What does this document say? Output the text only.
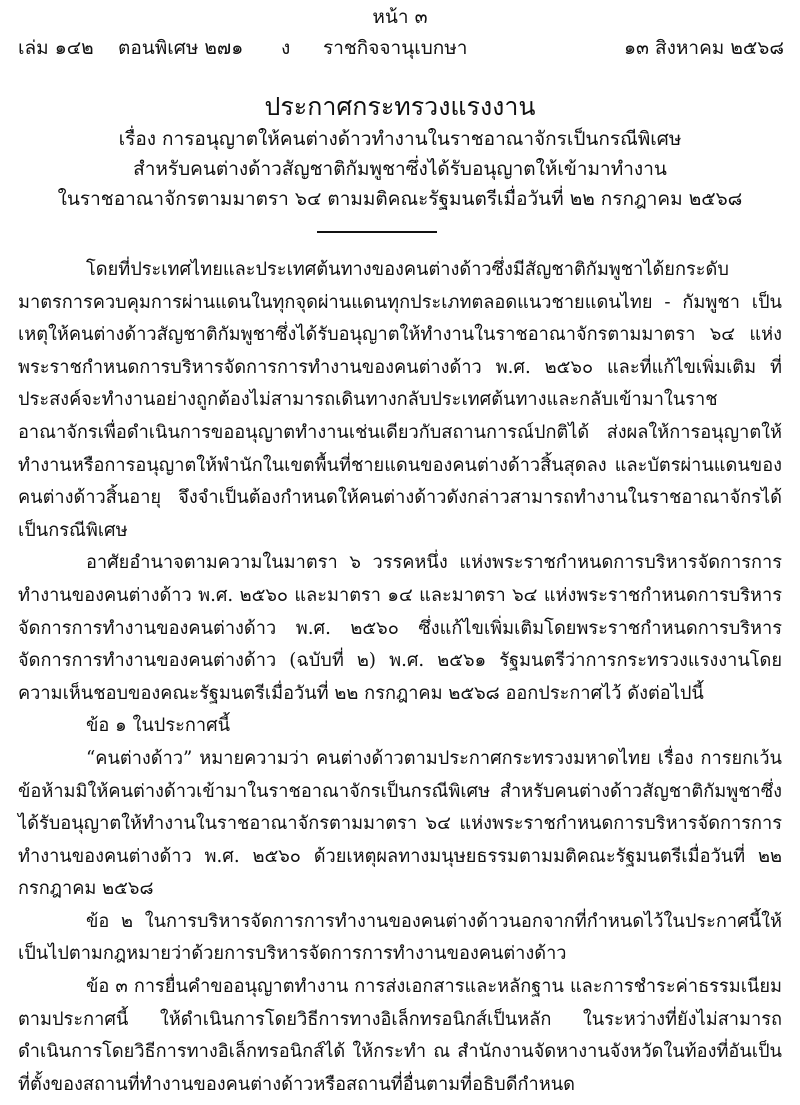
หน้า ๓
เล่ม ๑๔๒ ตอนพิเศษ ๒๗๑ ง ราชกิจจานุเบกษา	๑๓ สิงหาคม ๒๕๖๘
ประกาศกระทรวงแรงงาน
เรื่อง การอนุญาตให้คนต่างด้าวทำงานในราชอาณาจักรเป็นกรณีพิเศษ
สำหรับคนต่างด้าวสัญชาติกัมพูชาซึ่งได้รับอนุญาตให้เข้ามาทำงาน
ในราชอาณาจักรตามมาตรา ๖๔ ตามมติคณะรัฐมนตรีเมื่อวันที่ ๒๒ กรกฎาคม ๒๕๖๘

โดยที่ประเทศไทยและประเทศต้นทางของคนต่างด้าวซึ่งมีสัญชาติกัมพูชาได้ยกระดับมาตรการควบคุมการผ่านแดนในทุกจุดผ่านแดนทุกประเภทตลอดแนวชายแดนไทย - กัมพูชา เป็นเหตุให้คนต่างด้าวสัญชาติกัมพูชาซึ่งได้รับอนุญาตให้ทำงานในราชอาณาจักรตามมาตรา ๖๔ แห่งพระราชกำหนดการบริหารจัดการการทำงานของคนต่างด้าว พ.ศ. ๒๕๖๐ และที่แก้ไขเพิ่มเติม ที่ประสงค์จะทำงานอย่างถูกต้องไม่สามารถเดินทางกลับประเทศต้นทางและกลับเข้ามาในราชอาณาจักรเพื่อดำเนินการขออนุญาตทำงานเช่นเดียวกับสถานการณ์ปกติได้ ส่งผลให้การอนุญาตให้ทำงานหรือการอนุญาตให้พำนักในเขตพื้นที่ชายแดนของคนต่างด้าวสิ้นสุดลง และบัตรผ่านแดนของคนต่างด้าวสิ้นอายุ จึงจำเป็นต้องกำหนดให้คนต่างด้าวดังกล่าวสามารถทำงานในราชอาณาจักรได้เป็นกรณีพิเศษ

อาศัยอำนาจตามความในมาตรา ๖ วรรคหนึ่ง แห่งพระราชกำหนดการบริหารจัดการการทำงานของคนต่างด้าว พ.ศ. ๒๕๖๐ และมาตรา ๑๔ และมาตรา ๖๔ แห่งพระราชกำหนดการบริหารจัดการการทำงานของคนต่างด้าว พ.ศ. ๒๕๖๐ ซึ่งแก้ไขเพิ่มเติมโดยพระราชกำหนดการบริหารจัดการการทำงานของคนต่างด้าว (ฉบับที่ ๒) พ.ศ. ๒๕๖๑ รัฐมนตรีว่าการกระทรวงแรงงานโดยความเห็นชอบของคณะรัฐมนตรีเมื่อวันที่ ๒๒ กรกฎาคม ๒๕๖๘ ออกประกาศไว้ ดังต่อไปนี้

ข้อ ๑ ในประกาศนี้

“คนต่างด้าว” หมายความว่า คนต่างด้าวตามประกาศกระทรวงมหาดไทย เรื่อง การยกเว้นข้อห้ามมิให้คนต่างด้าวเข้ามาในราชอาณาจักรเป็นกรณีพิเศษ สำหรับคนต่างด้าวสัญชาติกัมพูชาซึ่งได้รับอนุญาตให้ทำงานในราชอาณาจักรตามมาตรา ๖๔ แห่งพระราชกำหนดการบริหารจัดการการทำงานของคนต่างด้าว พ.ศ. ๒๕๖๐ ด้วยเหตุผลทางมนุษยธรรมตามมติคณะรัฐมนตรีเมื่อวันที่ ๒๒ กรกฎาคม ๒๕๖๘

ข้อ ๒ ในการบริหารจัดการการทำงานของคนต่างด้าวนอกจากที่กำหนดไว้ในประกาศนี้ให้เป็นไปตามกฎหมายว่าด้วยการบริหารจัดการการทำงานของคนต่างด้าว

ข้อ ๓ การยื่นคำขออนุญาตทำงาน การส่งเอกสารและหลักฐาน และการชำระค่าธรรมเนียมตามประกาศนี้ ให้ดำเนินการโดยวิธีการทางอิเล็กทรอนิกส์เป็นหลัก ในระหว่างที่ยังไม่สามารถดำเนินการโดยวิธีการทางอิเล็กทรอนิกส์ได้ ให้กระทำ ณ สำนักงานจัดหางานจังหวัดในท้องที่อันเป็นที่ตั้งของสถานที่ทำงานของคนต่างด้าวหรือสถานที่อื่นตามที่อธิบดีกำหนด
